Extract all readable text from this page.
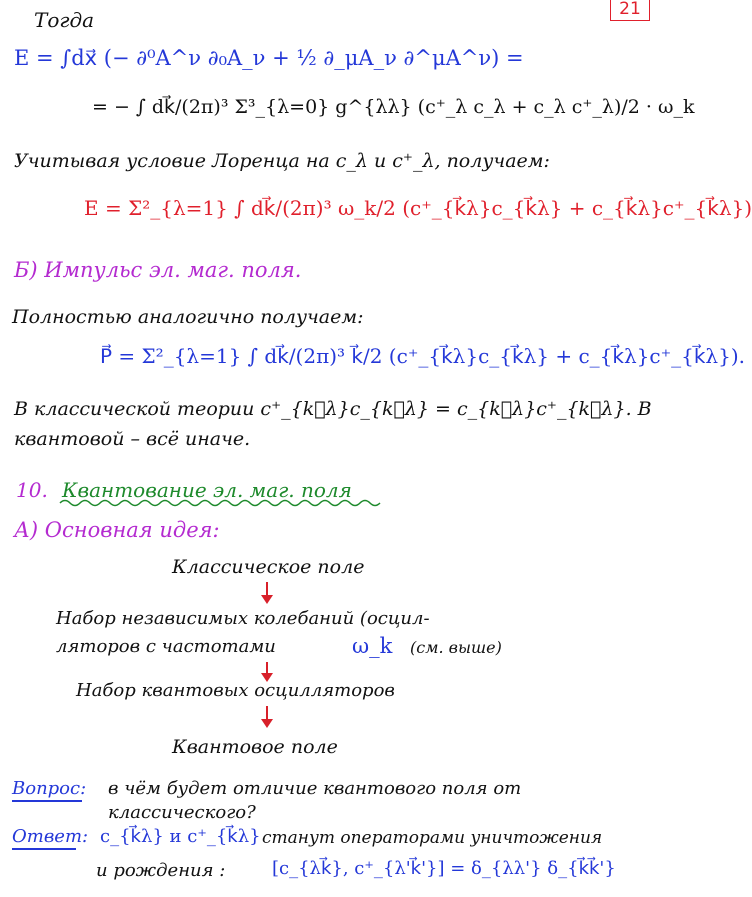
21
Тогда
E = ∫dx⃗ (− ∂⁰A^ν ∂₀A_ν + ½ ∂_μA_ν ∂^μA^ν) =
= − ∫ dk⃗/(2π)³ Σ³_{λ=0} g^{λλ} (c⁺_λ c_λ + c_λ c⁺_λ)/2 · ω_k
Учитывая условие Лоренца на c_λ и c⁺_λ, получаем:
E = Σ²_{λ=1} ∫ dk⃗/(2π)³ ω_k/2 (c⁺_{k⃗λ}c_{k⃗λ} + c_{k⃗λ}c⁺_{k⃗λ})
Б) Импульс эл. маг. поля.
Полностью аналогично получаем:
P⃗ = Σ²_{λ=1} ∫ dk⃗/(2π)³ k⃗/2 (c⁺_{k⃗λ}c_{k⃗λ} + c_{k⃗λ}c⁺_{k⃗λ}).
В классической теории c⁺_{k⃗λ}c_{k⃗λ} = c_{k⃗λ}c⁺_{k⃗λ}. В
квантовой – всё иначе.
10. Квантование эл. маг. поля
А) Основная идея:
Классическое поле
Набор независимых колебаний (осцил-
ляторов с частотами	ω_k (см. выше)
Набор квантовых осцилляторов
Квантовое поле
Вопрос: в чём будет отличие квантового поля от
классического?
Ответ: c_{k⃗λ} и c⁺_{k⃗λ} станут операторами уничтожения
и рождения :	[c_{λk⃗}, c⁺_{λ'k⃗'}] = δ_{λλ'} δ_{k⃗k⃗'}
